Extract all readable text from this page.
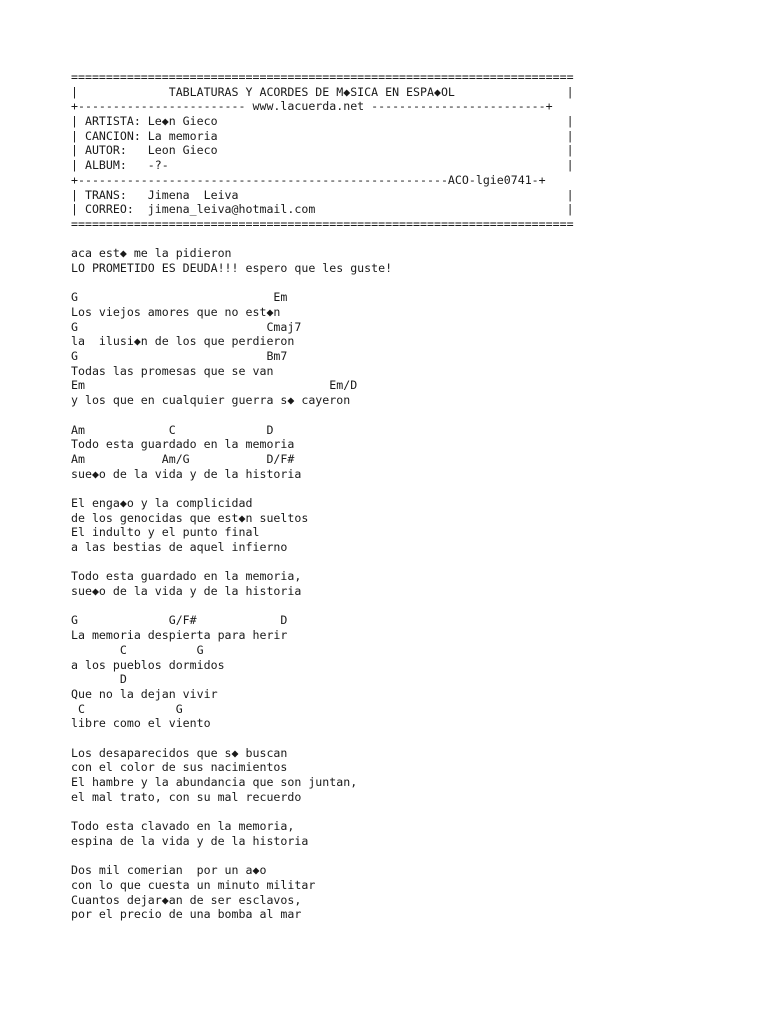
========================================================================
|             TABLATURAS Y ACORDES DE M◆SICA EN ESPA◆OL                |
+------------------------ www.lacuerda.net -------------------------+
| ARTISTA: Le◆n Gieco                                                  |
| CANCION: La memoria                                                  |
| AUTOR:   Leon Gieco                                                  |
| ALBUM:   -?-                                                         |
+-----------------------------------------------------ACO-lgie0741-+
| TRANS:   Jimena  Leiva                                               |
| CORREO:  jimena_leiva@hotmail.com                                    |
========================================================================
aca est◆ me la pidieron
LO PROMETIDO ES DEUDA!!! espero que les guste!
G                            Em
Los viejos amores que no est◆n
G                           Cmaj7
la  ilusi◆n de los que perdieron
G                           Bm7
Todas las promesas que se van
Em                                   Em/D
y los que en cualquier guerra s◆ cayeron
Am            C             D
Todo esta guardado en la memoria
Am           Am/G           D/F#
sue◆o de la vida y de la historia
El enga◆o y la complicidad
de los genocidas que est◆n sueltos
El indulto y el punto final
a las bestias de aquel infierno
Todo esta guardado en la memoria,
sue◆o de la vida y de la historia
G             G/F#            D
La memoria despierta para herir
C          G
a los pueblos dormidos
D
Que no la dejan vivir
C             G
libre como el viento
Los desaparecidos que s◆ buscan
con el color de sus nacimientos
El hambre y la abundancia que son juntan,
el mal trato, con su mal recuerdo
Todo esta clavado en la memoria,
espina de la vida y de la historia
Dos mil comerian  por un a◆o
con lo que cuesta un minuto militar
Cuantos dejar◆an de ser esclavos,
por el precio de una bomba al mar
